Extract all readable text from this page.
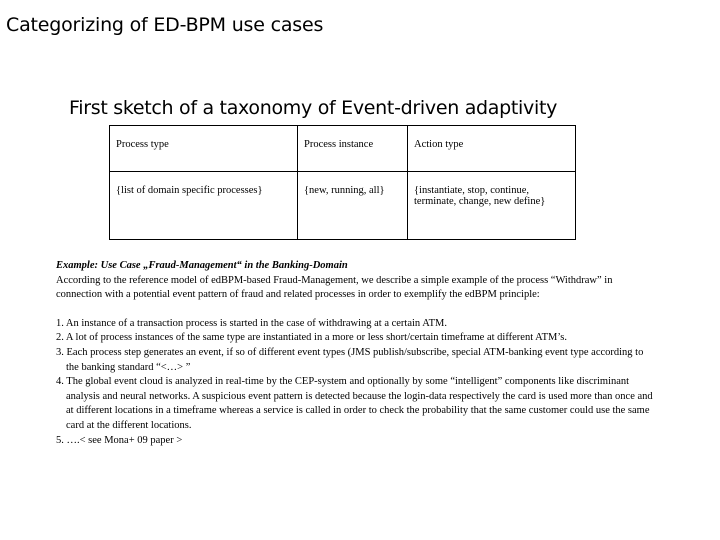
Categorizing of ED-BPM use cases
First sketch of a taxonomy of Event-driven adaptivity
Process type	Process instance	Action type
{list of domain specific processes}	{new, running, all}	{instantiate, stop, continue, terminate, change, new define}
Example: Use Case „Fraud-Management“ in the Banking-Domain
According to the reference model of edBPM-based Fraud-Management, we describe a simple example of the process “Withdraw” in connection with a potential event pattern of fraud and related processes in order to exemplify the edBPM principle:
1. An instance of a transaction process is started in the case of withdrawing at a certain ATM.
2. A lot of process instances of the same type are instantiated in a more or less short/certain timeframe at different ATM’s.
3. Each process step generates an event, if so of different event types (JMS publish/subscribe, special ATM-banking event type according to the banking standard “<…> ”
4. The global event cloud is analyzed in real-time by the CEP-system and optionally by some “intelligent” components like discriminant analysis and neural networks. A suspicious event pattern is detected because the login-data respectively the card is used more than once and at different locations in a timeframe whereas a service is called in order to check the probability that the same customer could use the same card at the different locations.
5. ….< see Mona+ 09 paper >
